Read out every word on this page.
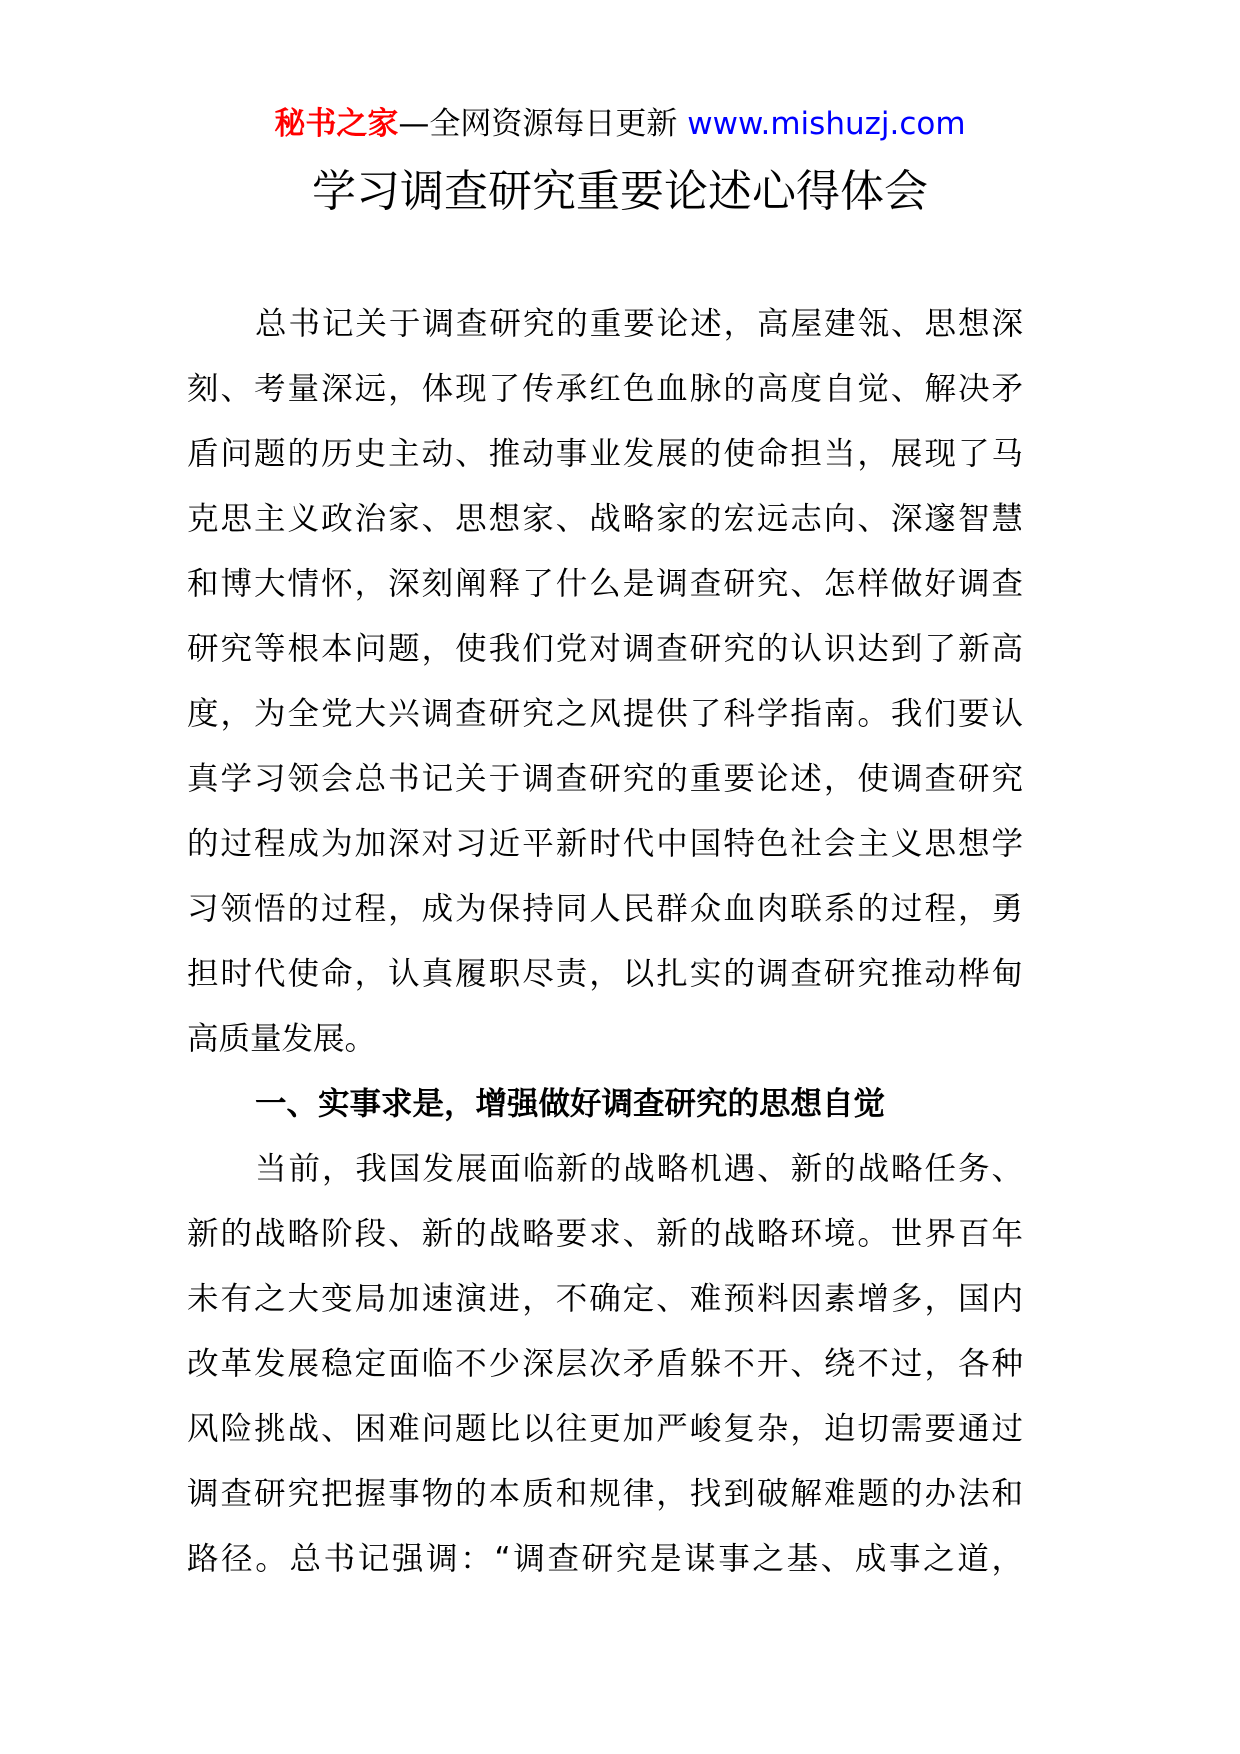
秘书之家—全网资源每日更新 www.mishuzj.com
学习调查研究重要论述心得体会
总书记关于调查研究的重要论述，高屋建瓴、思想深
刻、考量深远，体现了传承红色血脉的高度自觉、解决矛
盾问题的历史主动、推动事业发展的使命担当，展现了马
克思主义政治家、思想家、战略家的宏远志向、深邃智慧
和博大情怀，深刻阐释了什么是调查研究、怎样做好调查
研究等根本问题，使我们党对调查研究的认识达到了新高
度，为全党大兴调查研究之风提供了科学指南。我们要认
真学习领会总书记关于调查研究的重要论述，使调查研究
的过程成为加深对习近平新时代中国特色社会主义思想学
习领悟的过程，成为保持同人民群众血肉联系的过程，勇
担时代使命，认真履职尽责，以扎实的调查研究推动桦甸
高质量发展。
一、实事求是，增强做好调查研究的思想自觉
当前，我国发展面临新的战略机遇、新的战略任务、
新的战略阶段、新的战略要求、新的战略环境。世界百年
未有之大变局加速演进，不确定、难预料因素增多，国内
改革发展稳定面临不少深层次矛盾躲不开、绕不过，各种
风险挑战、困难问题比以往更加严峻复杂，迫切需要通过
调查研究把握事物的本质和规律，找到破解难题的办法和
路径。总书记强调：“调查研究是谋事之基、成事之道，
